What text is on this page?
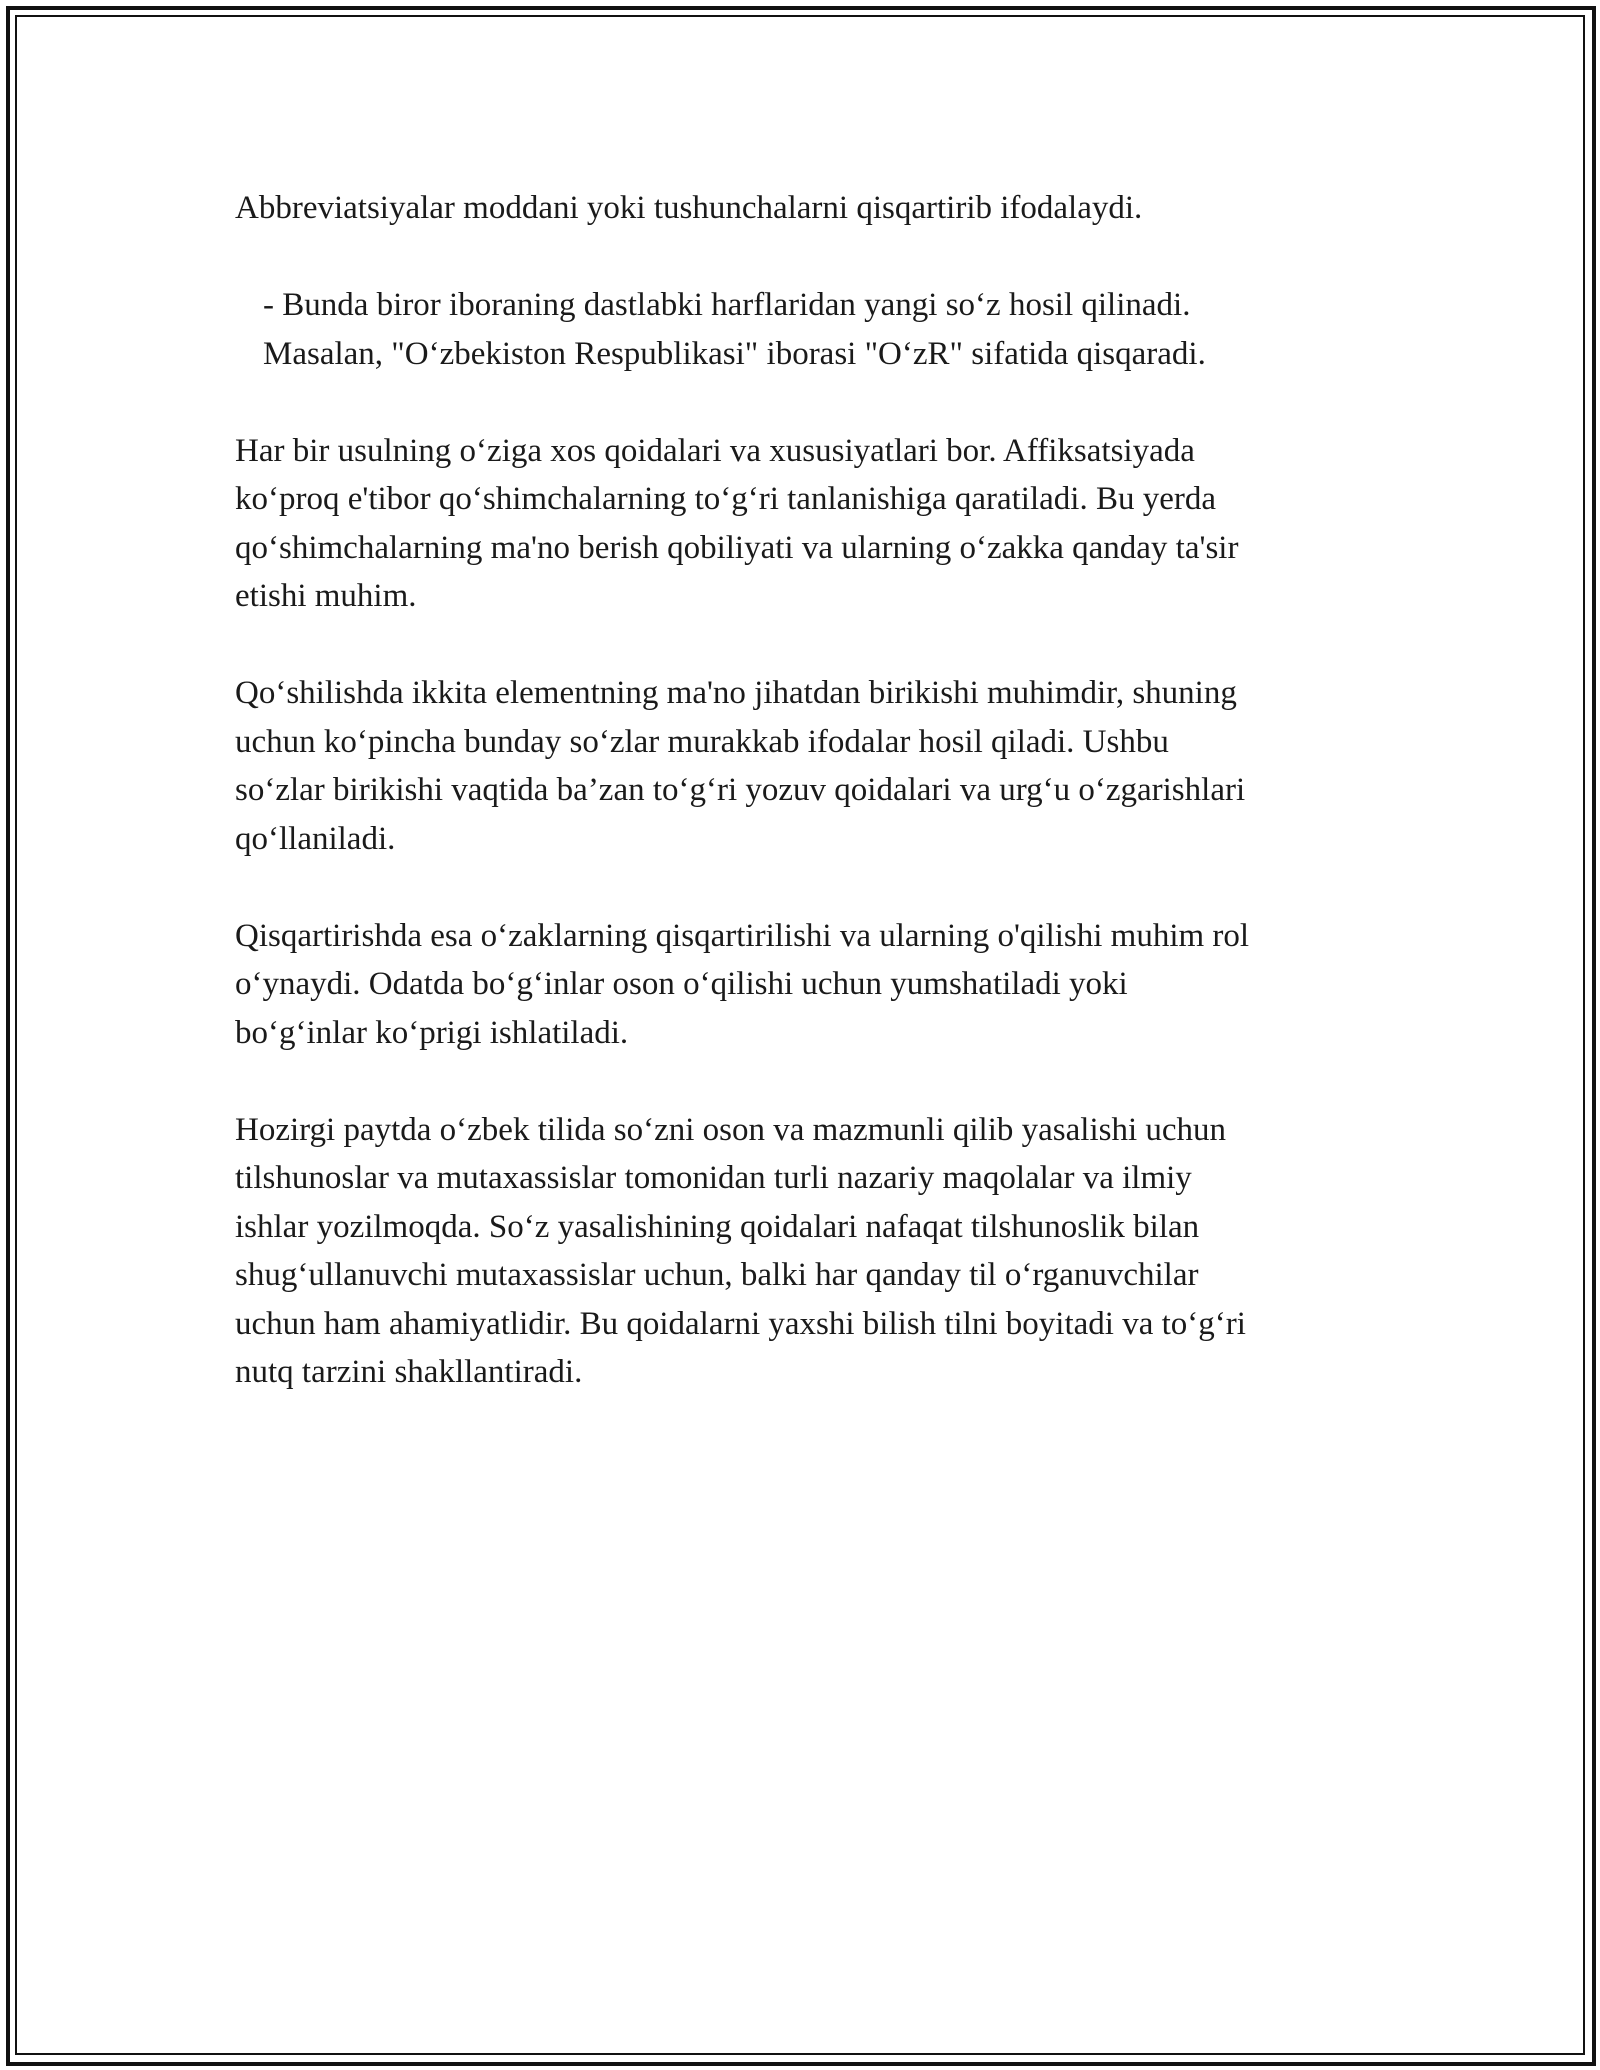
Abbreviatsiyalar moddani yoki tushunchalarni qisqartirib ifodalaydi.

- Bunda biror iboraning dastlabki harflaridan yangi so‘z hosil qilinadi.
Masalan, "O‘zbekiston Respublikasi" iborasi "O‘zR" sifatida qisqaradi.

Har bir usulning o‘ziga xos qoidalari va xususiyatlari bor. Affiksatsiyada
ko‘proq e'tibor qo‘shimchalarning to‘g‘ri tanlanishiga qaratiladi. Bu yerda
qo‘shimchalarning ma'no berish qobiliyati va ularning o‘zakka qanday ta'sir
etishi muhim.

Qo‘shilishda ikkita elementning ma'no jihatdan birikishi muhimdir, shuning
uchun ko‘pincha bunday so‘zlar murakkab ifodalar hosil qiladi. Ushbu
so‘zlar birikishi vaqtida ba’zan to‘g‘ri yozuv qoidalari va urg‘u o‘zgarishlari
qo‘llaniladi.

Qisqartirishda esa o‘zaklarning qisqartirilishi va ularning o'qilishi muhim rol
o‘ynaydi. Odatda bo‘g‘inlar oson o‘qilishi uchun yumshatiladi yoki
bo‘g‘inlar ko‘prigi ishlatiladi.

Hozirgi paytda o‘zbek tilida so‘zni oson va mazmunli qilib yasalishi uchun
tilshunoslar va mutaxassislar tomonidan turli nazariy maqolalar va ilmiy
ishlar yozilmoqda. So‘z yasalishining qoidalari nafaqat tilshunoslik bilan
shug‘ullanuvchi mutaxassislar uchun, balki har qanday til o‘rganuvchilar
uchun ham ahamiyatlidir. Bu qoidalarni yaxshi bilish tilni boyitadi va to‘g‘ri
nutq tarzini shakllantiradi.
